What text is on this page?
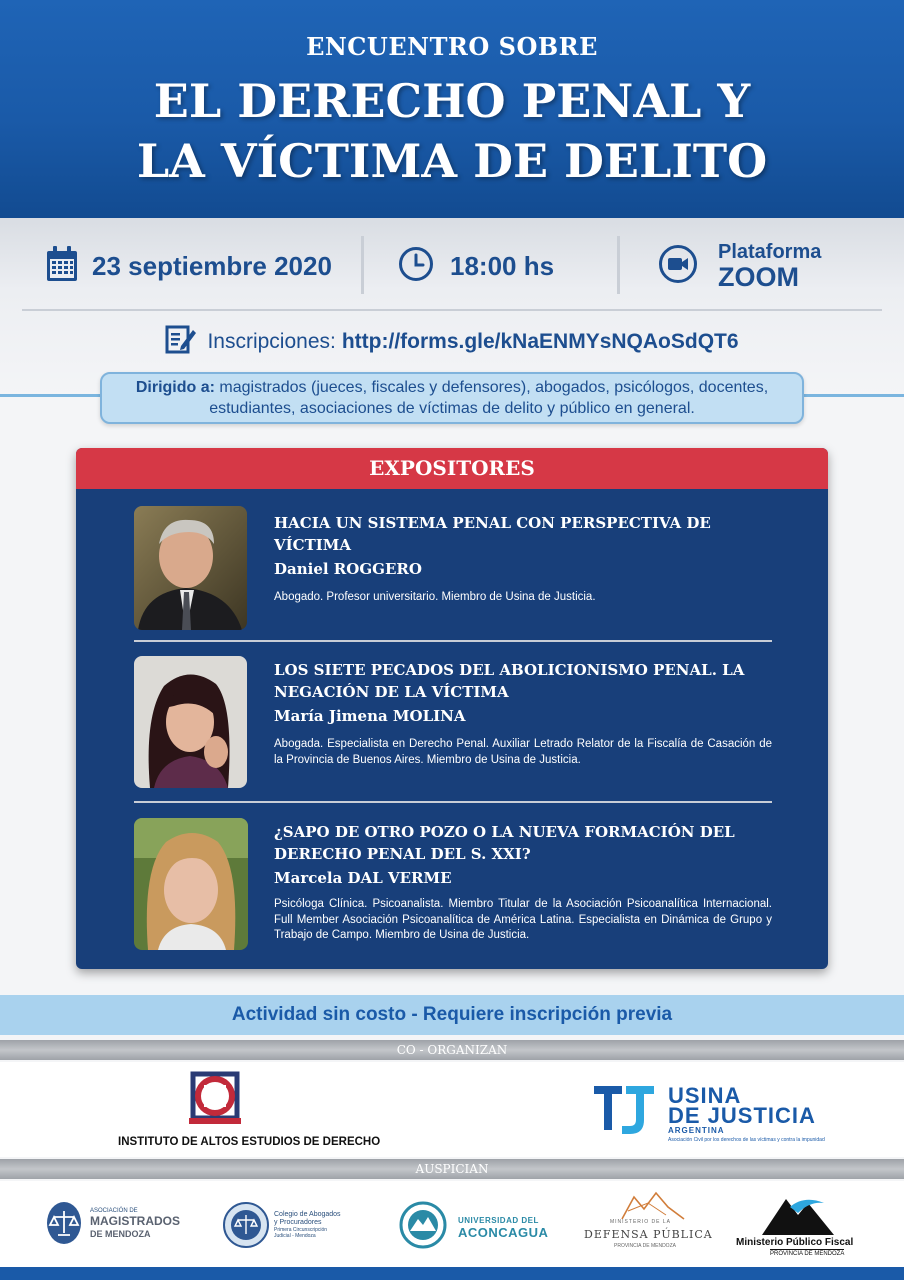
ENCUENTRO SOBRE
EL DERECHO PENAL Y
LA VÍCTIMA DE DELITO
23 septiembre 2020	18:00 hs	Plataforma
ZOOM
Inscripciones: http://forms.gle/kNaENMYsNQAoSdQT6
Dirigido a: magistrados (jueces, fiscales y defensores), abogados, psicólogos, docentes,
estudiantes, asociaciones de víctimas de delito y público en general.
EXPOSITORES
HACIA UN SISTEMA PENAL CON PERSPECTIVA DE VÍCTIMA
Daniel ROGGERO
Abogado. Profesor universitario. Miembro de Usina de Justicia.
LOS SIETE PECADOS DEL ABOLICIONISMO PENAL. LA NEGACIÓN DE LA VÍCTIMA
María Jimena MOLINA
Abogada. Especialista en Derecho Penal. Auxiliar Letrado Relator de la Fiscalía de Casación de la Provincia de Buenos Aires. Miembro de Usina de Justicia.
¿SAPO DE OTRO POZO O LA NUEVA FORMACIÓN DEL DERECHO PENAL DEL S. XXI?
Marcela DAL VERME
Psicóloga Clínica. Psicoanalista. Miembro Titular de la Asociación Psicoanalítica Internacional. Full Member Asociación Psicoanalítica de América Latina. Especialista en Dinámica de Grupo y Trabajo de Campo. Miembro de Usina de Justicia.
Actividad sin costo - Requiere inscripción previa
CO - ORGANIZAN
INSTITUTO DE ALTOS ESTUDIOS DE DERECHO
USINA
DE JUSTICIA
ARGENTINA
Asociación Civil por los derechos de las víctimas y contra la impunidad
AUSPICIAN
ASOCIACIÓN DE
MAGISTRADOS
DE MENDOZA
Colegio de Abogados
y Procuradores
Primera Circunscripción
Judicial - Mendoza
UNIVERSIDAD DEL
ACONCAGUA
MINISTERIO DE LA
DEFENSA PÚBLICA
PROVINCIA DE MENDOZA	Ministerio Público Fiscal
PROVINCIA DE MENDOZA
